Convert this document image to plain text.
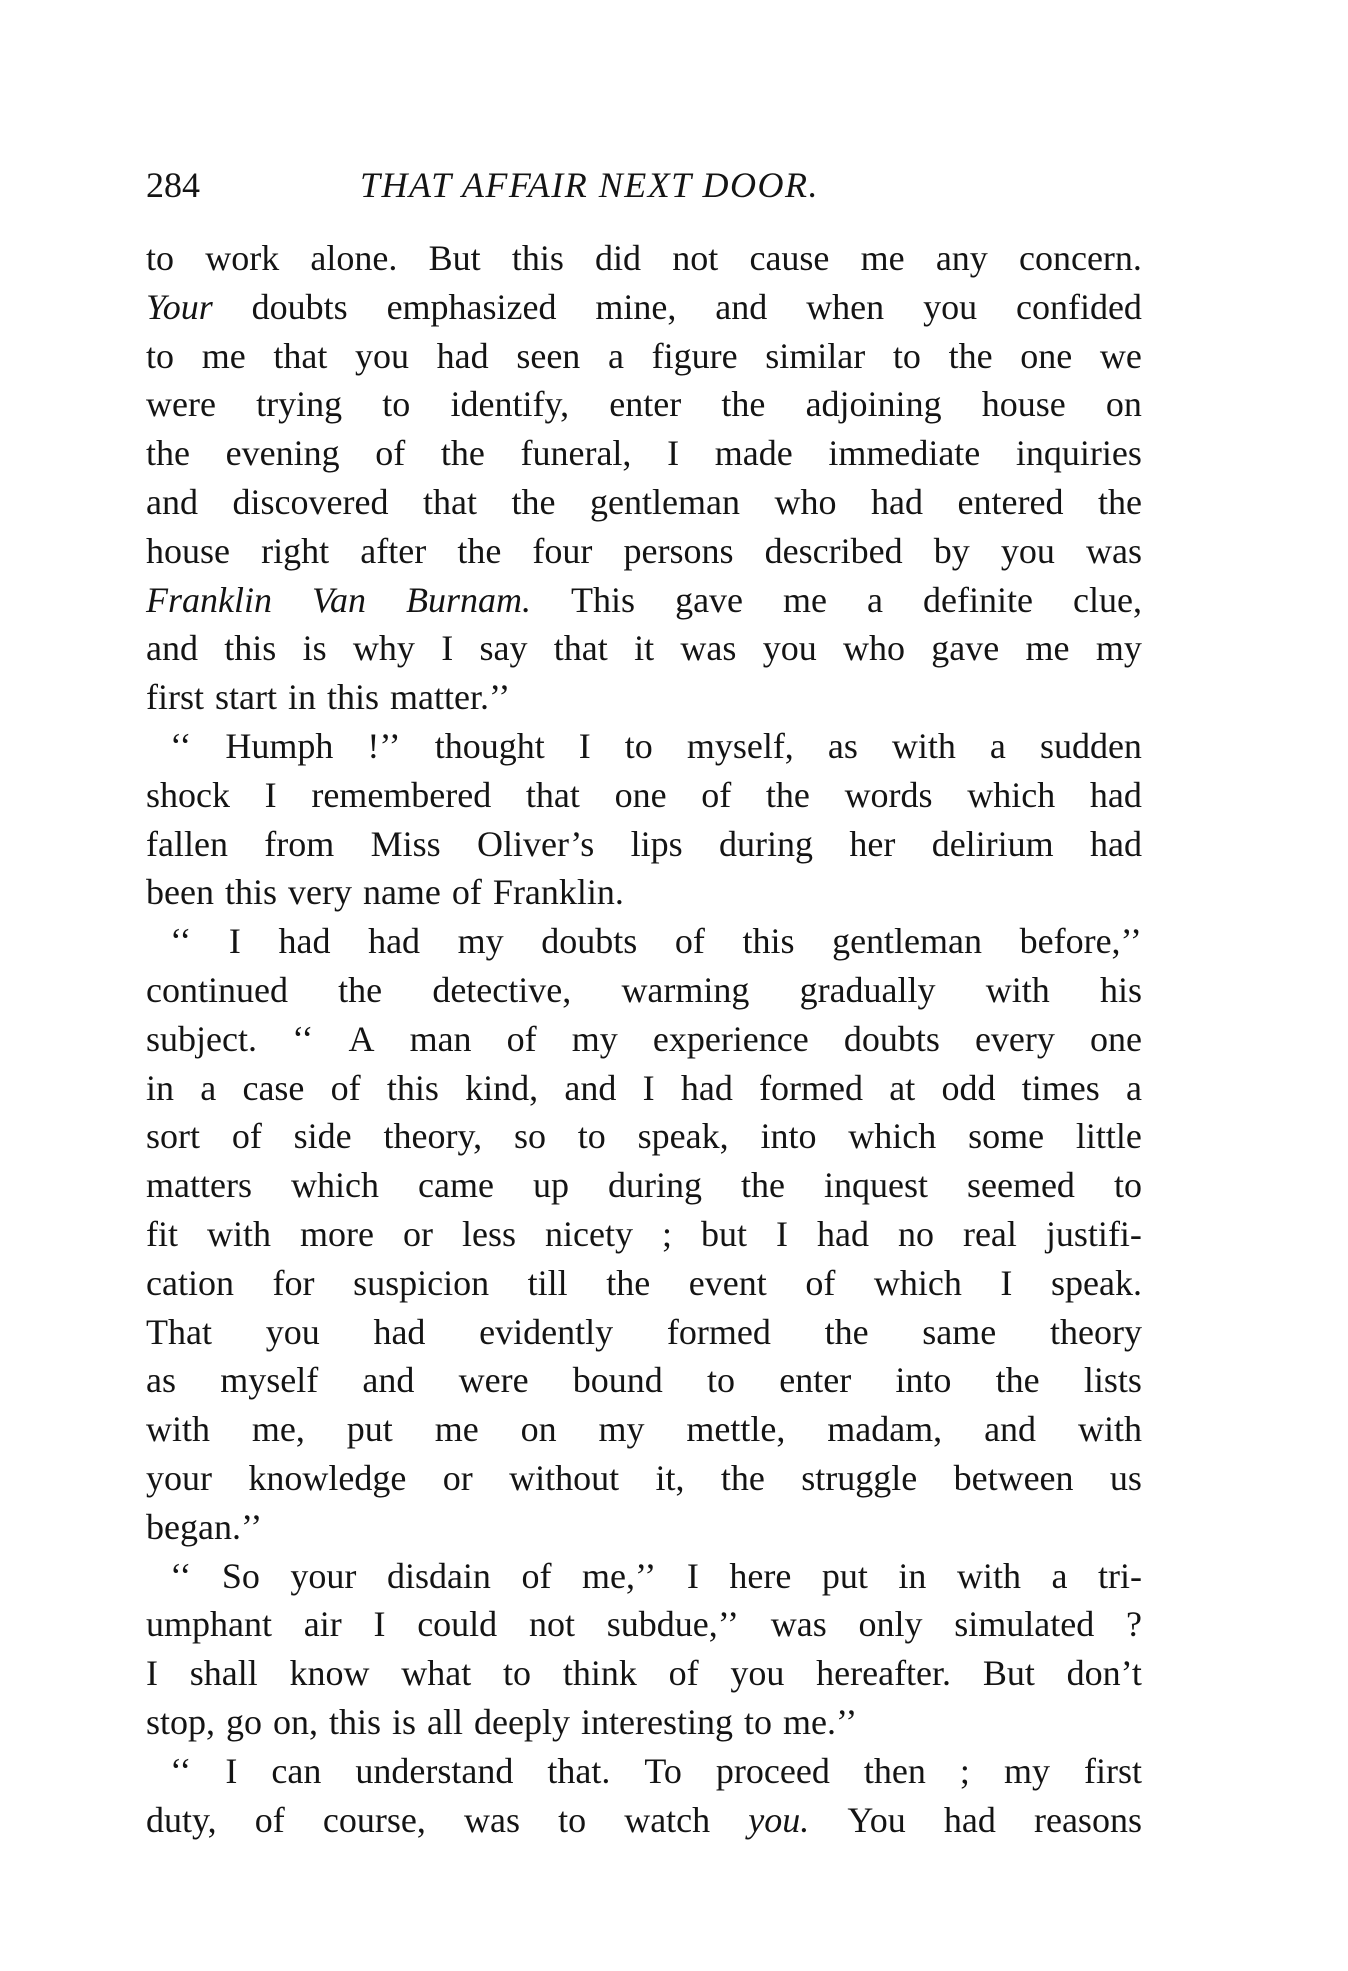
284	THAT AFFAIR NEXT DOOR.
to work alone. But this did not cause me any concern.
Your doubts emphasized mine, and when you confided
to me that you had seen a figure similar to the one we
were trying to identify, enter the adjoining house on
the evening of the funeral, I made immediate inquiries
and discovered that the gentleman who had entered the
house right after the four persons described by you was
Franklin Van Burnam. This gave me a definite clue,
and this is why I say that it was you who gave me my
first start in this matter.’’
‘‘ Humph !’’ thought I to myself, as with a sudden
shock I remembered that one of the words which had
fallen from Miss Oliver’s lips during her delirium had
been this very name of Franklin.
‘‘ I had had my doubts of this gentleman before,’’
continued the detective, warming gradually with his
subject. ‘‘ A man of my experience doubts every one
in a case of this kind, and I had formed at odd times a
sort of side theory, so to speak, into which some little
matters which came up during the inquest seemed to
fit with more or less nicety ; but I had no real justifi-
cation for suspicion till the event of which I speak.
That you had evidently formed the same theory
as myself and were bound to enter into the lists
with me, put me on my mettle, madam, and with
your knowledge or without it, the struggle between us
began.’’
‘‘ So your disdain of me,’’ I here put in with a tri-
umphant air I could not subdue,’’ was only simulated ?
I shall know what to think of you hereafter. But don’t
stop, go on, this is all deeply interesting to me.’’
‘‘ I can understand that. To proceed then ; my first
duty, of course, was to watch you. You had reasons
